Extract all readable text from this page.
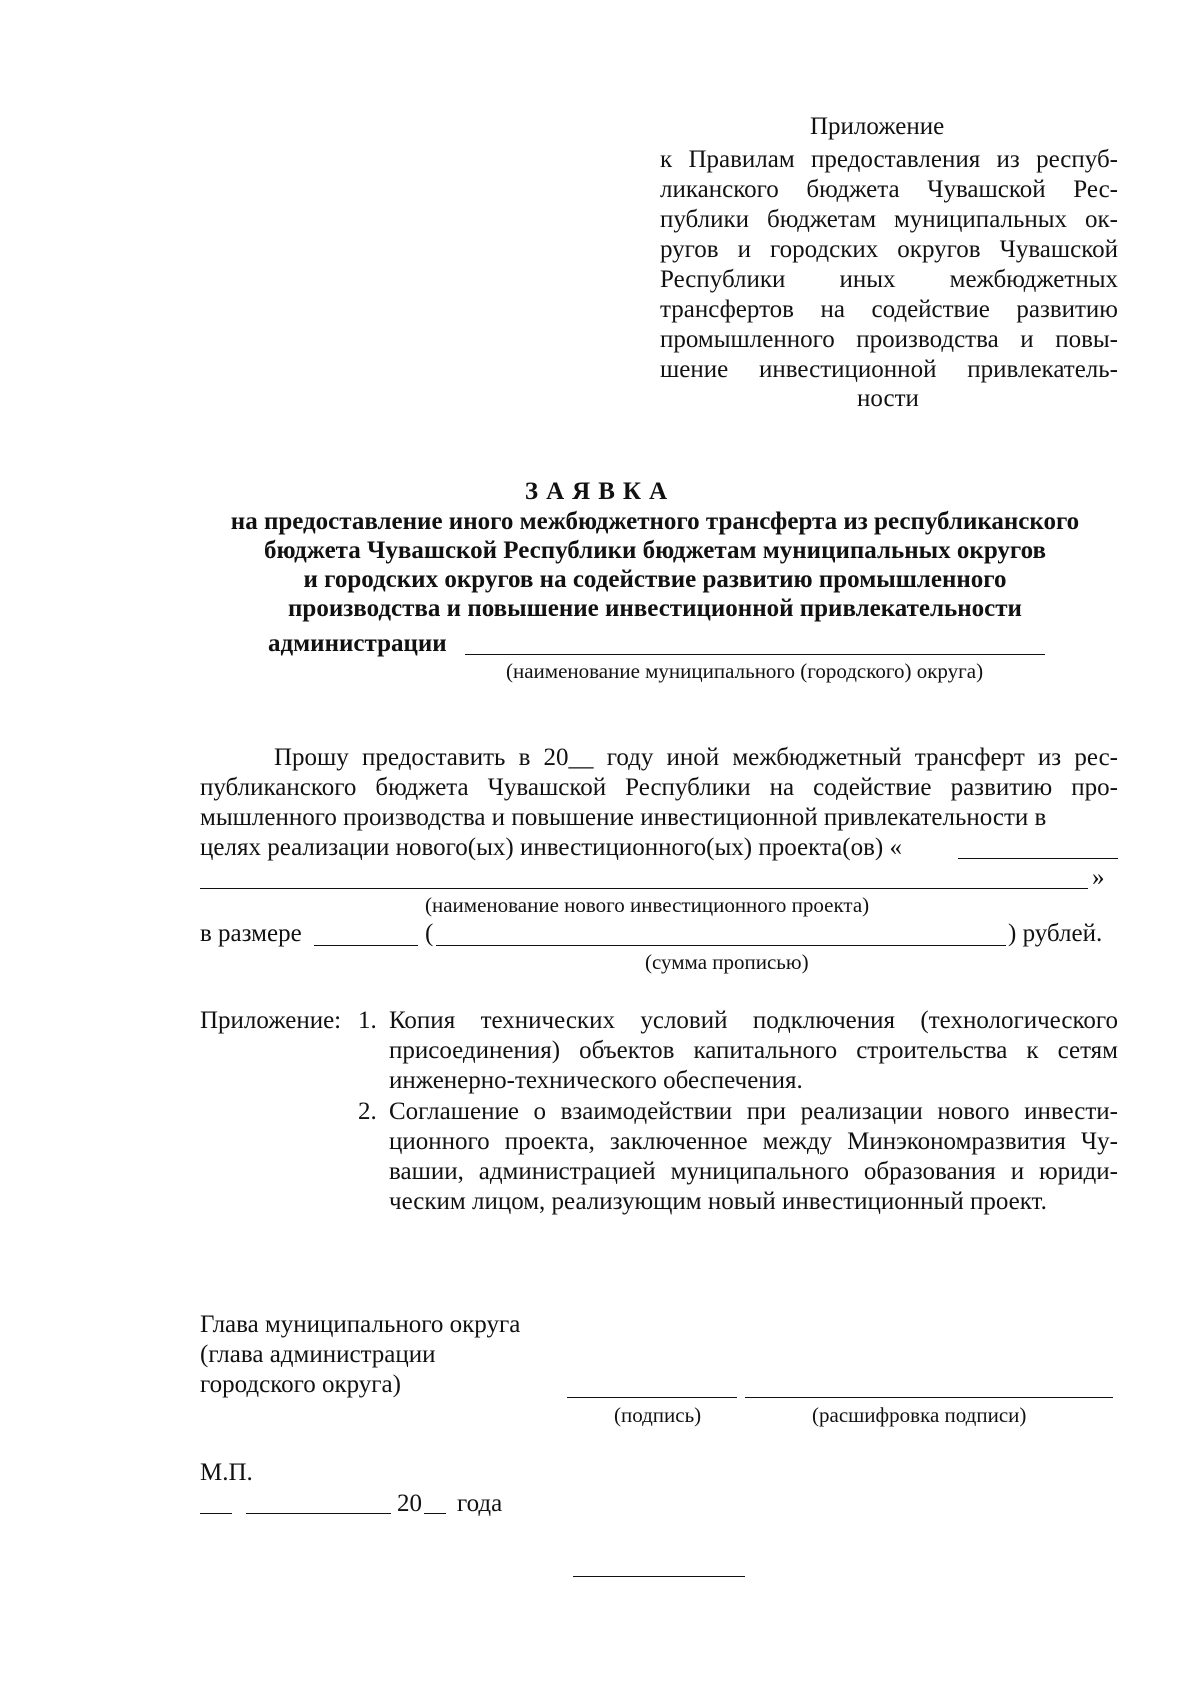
Приложение
к Правилам предоставления из респуб- ликанского бюджета Чувашской Рес- публики бюджетам муниципальных ок- ругов и городских округов Чувашской Республики иных межбюджетных трансфертов на содействие развитию промышленного производства и повы- шение инвестиционной привлекатель-
ности
ЗАЯВКА
на предоставление иного межбюджетного трансферта из республиканского
бюджета Чувашской Республики бюджетам муниципальных округов
и городских округов на содействие развитию промышленного
производства и повышение инвестиционной привлекательности
администрации
(наименование муниципального (городского) округа)
Прошу предоставить в 20__ году иной межбюджетный трансферт из рес- публиканского бюджета Чувашской Республики на содействие развитию про- мышленного производства и повышение инвестиционной привлекательности в
целях реализации нового(ых) инвестиционного(ых) проекта(ов) «
»
(наименование нового инвестиционного проекта)
в размере	(	) рублей.
(сумма прописью)
Приложение: 1. Копия технических условий подключения (технологического
присоединения) объектов капитального строительства к сетям
инженерно-технического обеспечения.
2. Соглашение о взаимодействии при реализации нового инвести-
ционного проекта, заключенное между Минэкономразвития Чу-
вашии, администрацией муниципального образования и юриди-
ческим лицом, реализующим новый инвестиционный проект.
Глава муниципального округа
(глава администрации
городского округа)
(подпись)	(расшифровка подписи)
М.П.
20 года
